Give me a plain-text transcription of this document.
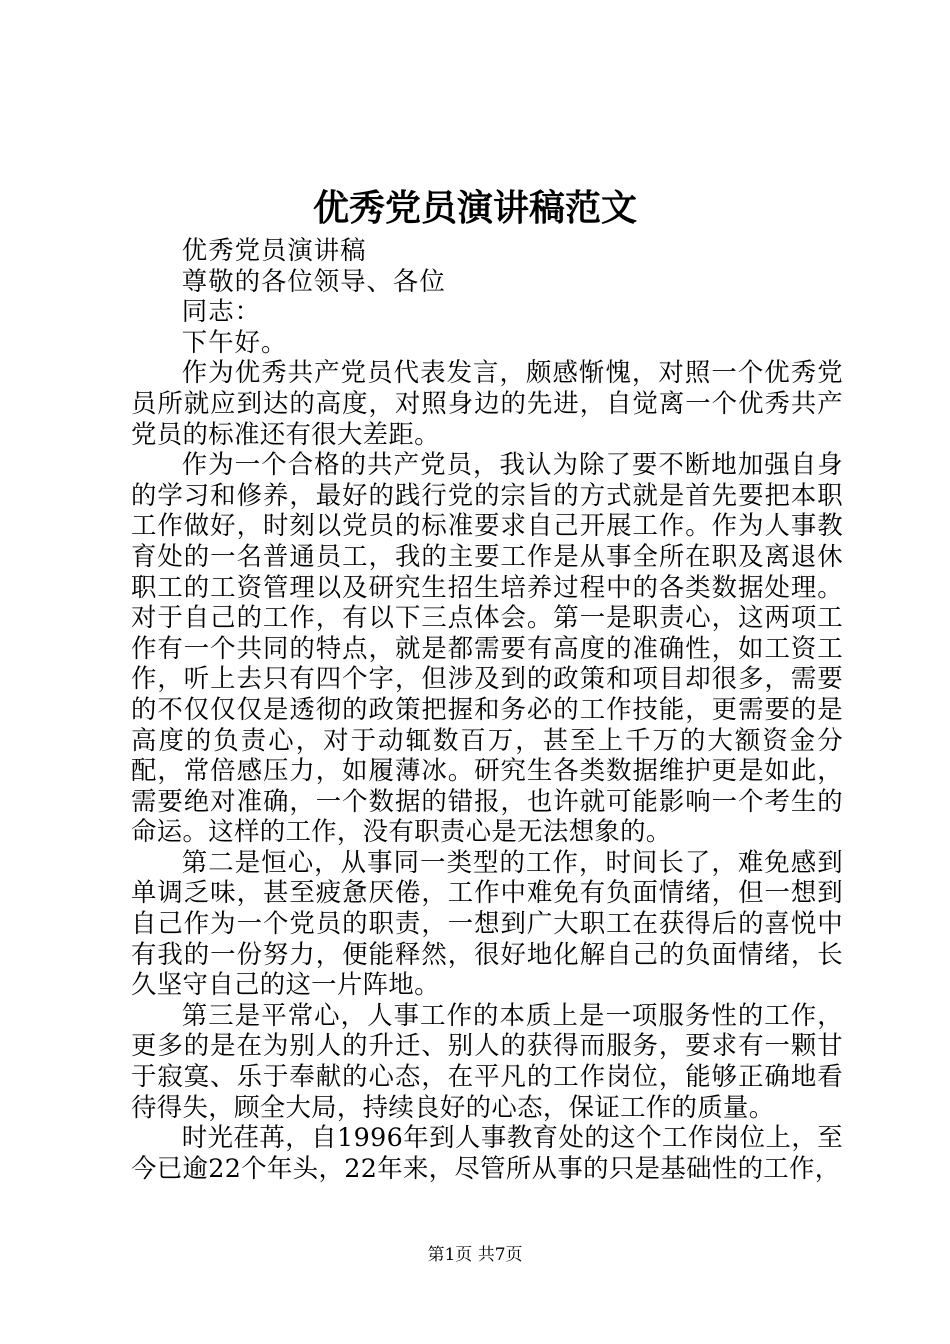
优秀党员演讲稿范文

优秀党员演讲稿

尊敬的各位领导、各位

同志：

下午好。

作为优秀共产党员代表发言，颇感惭愧，对照一个优秀党员所就应到达的高度，对照身边的先进，自觉离一个优秀共产党员的标准还有很大差距。

作为一个合格的共产党员，我认为除了要不断地加强自身的学习和修养，最好的践行党的宗旨的方式就是首先要把本职工作做好，时刻以党员的标准要求自己开展工作。作为人事教育处的一名普通员工，我的主要工作是从事全所在职及离退休职工的工资管理以及研究生招生培养过程中的各类数据处理。对于自己的工作，有以下三点体会。第一是职责心，这两项工作有一个共同的特点，就是都需要有高度的准确性，如工资工作，听上去只有四个字，但涉及到的政策和项目却很多，需要的不仅仅仅是透彻的政策把握和务必的工作技能，更需要的是高度的负责心，对于动辄数百万，甚至上千万的大额资金分配，常倍感压力，如履薄冰。研究生各类数据维护更是如此，需要绝对准确，一个数据的错报，也许就可能影响一个考生的命运。这样的工作，没有职责心是无法想象的。

第二是恒心，从事同一类型的工作，时间长了，难免感到单调乏味，甚至疲惫厌倦，工作中难免有负面情绪，但一想到自己作为一个党员的职责，一想到广大职工在获得后的喜悦中有我的一份努力，便能释然，很好地化解自己的负面情绪，长久坚守自己的这一片阵地。

第三是平常心，人事工作的本质上是一项服务性的工作，更多的是在为别人的升迁、别人的获得而服务，要求有一颗甘于寂寞、乐于奉献的心态，在平凡的工作岗位，能够正确地看待得失，顾全大局，持续良好的心态，保证工作的质量。

时光荏苒，自1996年到人事教育处的这个工作岗位上，至今已逾22个年头，22年来，尽管所从事的只是基础性的工作，

第1页 共7页
